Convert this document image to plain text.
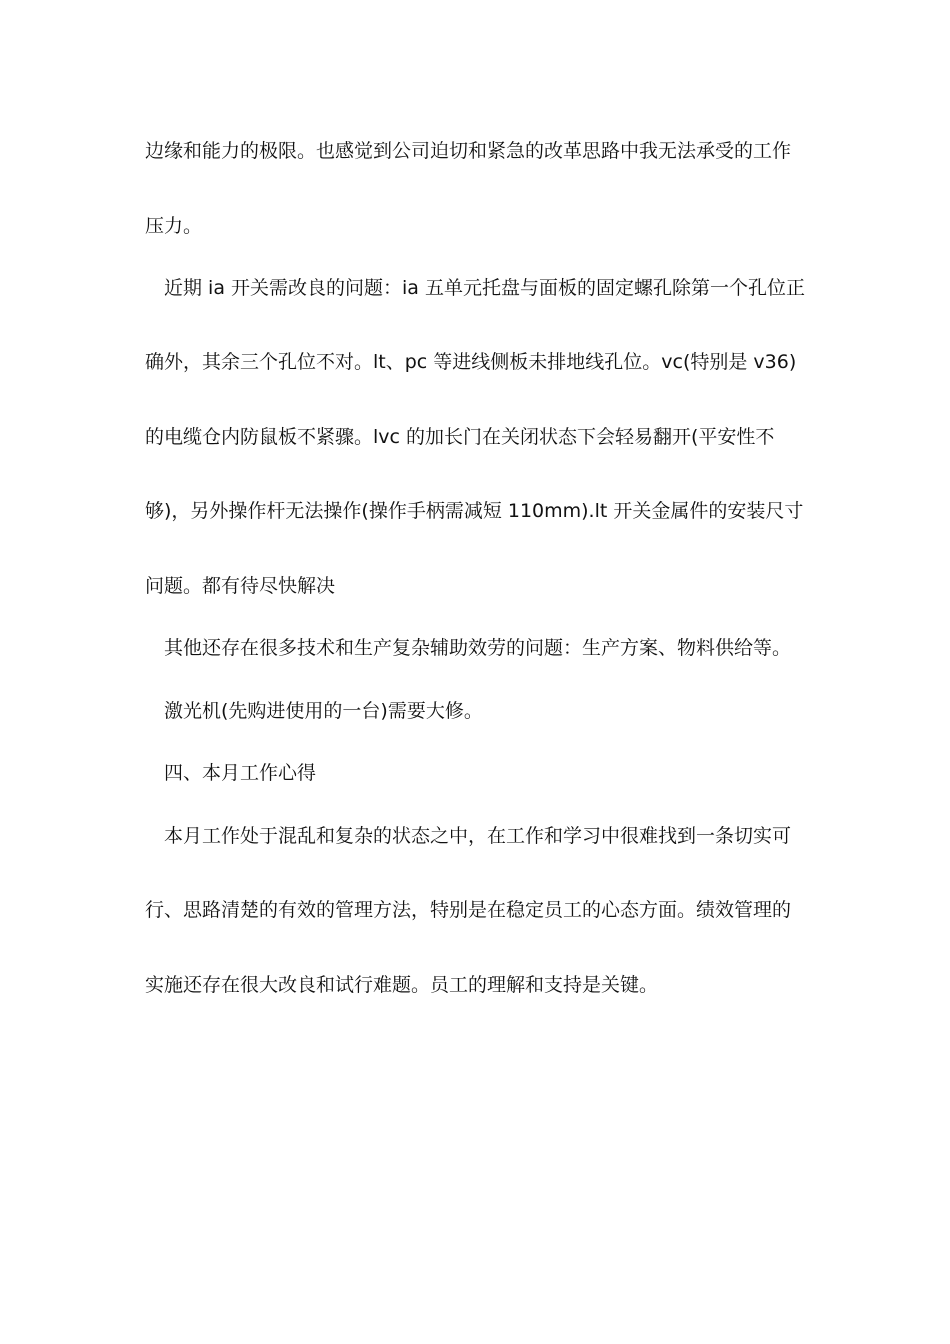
边缘和能力的极限。也感觉到公司迫切和紧急的改革思路中我无法承受的工作
压力。
近期 ia 开关需改良的问题：ia 五单元托盘与面板的固定螺孔除第一个孔位正
确外，其余三个孔位不对。lt、pc 等进线侧板未排地线孔位。vc(特别是 v36)
的电缆仓内防鼠板不紧骤。lvc 的加长门在关闭状态下会轻易翻开(平安性不
够)，另外操作杆无法操作(操作手柄需减短 110mm).lt 开关金属件的安装尺寸
问题。都有待尽快解决
其他还存在很多技术和生产复杂辅助效劳的问题：生产方案、物料供给等。
激光机(先购进使用的一台)需要大修。
四、本月工作心得
本月工作处于混乱和复杂的状态之中，在工作和学习中很难找到一条切实可
行、思路清楚的有效的管理方法，特别是在稳定员工的心态方面。绩效管理的
实施还存在很大改良和试行难题。员工的理解和支持是关键。
